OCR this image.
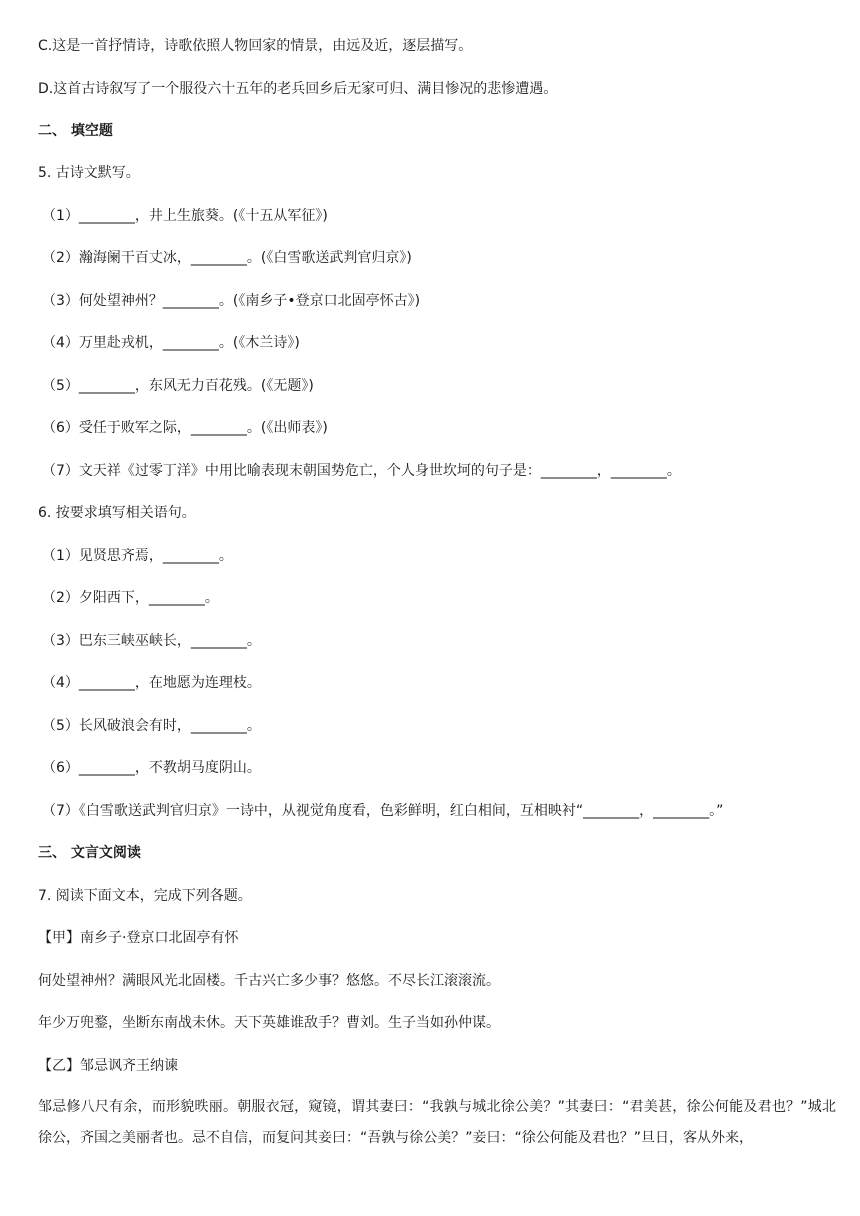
C.这是一首抒情诗，诗歌依照人物回家的情景，由远及近，逐层描写。
D.这首古诗叙写了一个服役六十五年的老兵回乡后无家可归、满目惨况的悲惨遭遇。
二、 填空题
5. 古诗文默写。
（1）________，井上生旅葵。(《十五从军征》)
（2）瀚海阑干百丈冰，________。(《白雪歌送武判官归京》)
（3）何处望神州？________。(《南乡子•登京口北固亭怀古》)
（4）万里赴戎机，________。(《木兰诗》)
（5）________，东风无力百花残。(《无题》)
（6）受任于败军之际，________。(《出师表》)
（7）文天祥《过零丁洋》中用比喻表现末朝国势危亡，个人身世坎坷的句子是：________，________。
6. 按要求填写相关语句。
（1）见贤思齐焉，________。
（2）夕阳西下，________。
（3）巴东三峡巫峡长，________。
（4）________，在地愿为连理枝。
（5）长风破浪会有时，________。
（6）________，不教胡马度阴山。
（7）《白雪歌送武判官归京》一诗中，从视觉角度看，色彩鲜明，红白相间，互相映衬“________，________。”
三、 文言文阅读
7. 阅读下面文本，完成下列各题。
【甲】南乡子·登京口北固亭有怀
何处望神州？满眼风光北固楼。千古兴亡多少事？悠悠。不尽长江滚滚流。
年少万兜鍪，坐断东南战未休。天下英雄谁敌手？曹刘。生子当如孙仲谋。
【乙】邹忌讽齐王纳谏
邹忌修八尺有余，而形貌昳丽。朝服衣冠，窥镜，谓其妻曰：“我孰与城北徐公美？”其妻曰：“君美甚，徐公何能及君也？”城北徐公，齐国之美丽者也。忌不自信，而复问其妾曰：“吾孰与徐公美？”妾曰：“徐公何能及君也？”旦日，客从外来，
